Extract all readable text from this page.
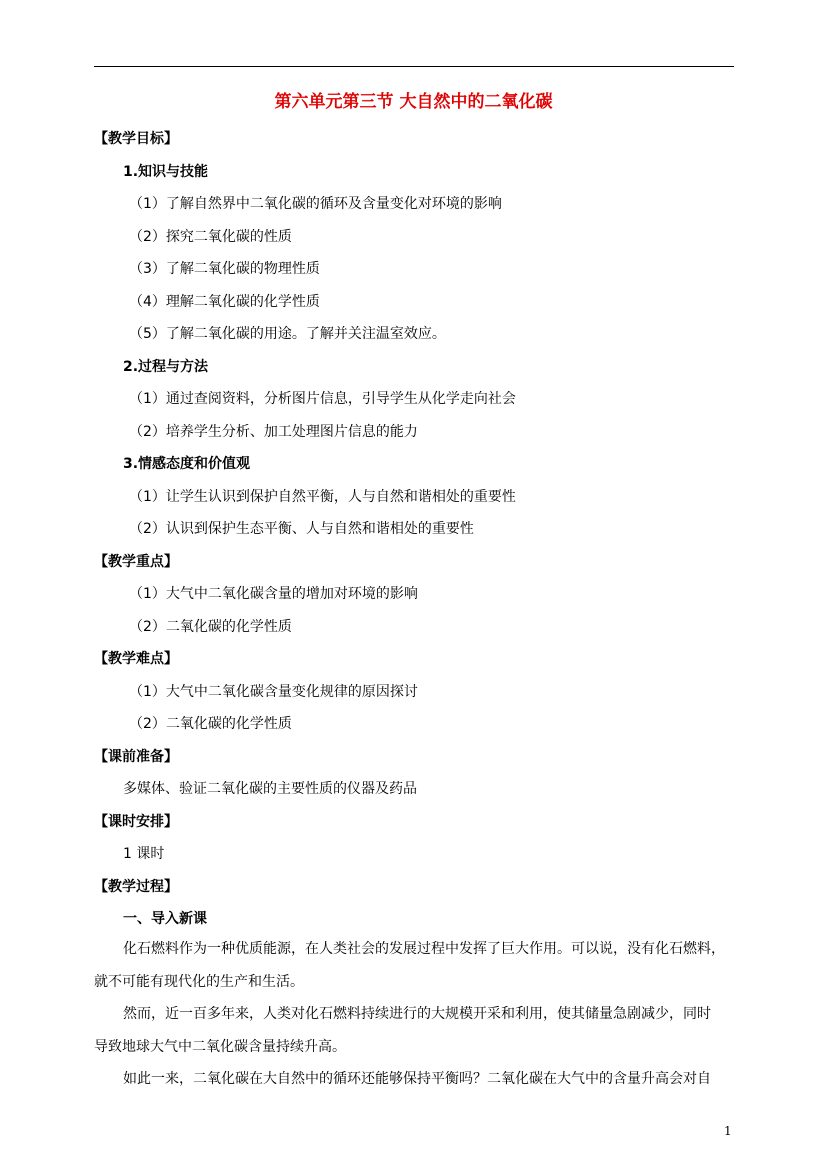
第六单元第三节 大自然中的二氧化碳
【教学目标】
1.知识与技能
（1）了解自然界中二氧化碳的循环及含量变化对环境的影响
（2）探究二氧化碳的性质
（3）了解二氧化碳的物理性质
（4）理解二氧化碳的化学性质
（5）了解二氧化碳的用途。了解并关注温室效应。
2.过程与方法
（1）通过查阅资料，分析图片信息，引导学生从化学走向社会
（2）培养学生分析、加工处理图片信息的能力
3.情感态度和价值观
（1）让学生认识到保护自然平衡，人与自然和谐相处的重要性
（2）认识到保护生态平衡、人与自然和谐相处的重要性
【教学重点】
（1）大气中二氧化碳含量的增加对环境的影响
（2）二氧化碳的化学性质
【教学难点】
（1）大气中二氧化碳含量变化规律的原因探讨
（2）二氧化碳的化学性质
【课前准备】
多媒体、验证二氧化碳的主要性质的仪器及药品
【课时安排】
1 课时
【教学过程】
一、导入新课
化石燃料作为一种优质能源，在人类社会的发展过程中发挥了巨大作用。可以说，没有化石燃料，
就不可能有现代化的生产和生活。
然而，近一百多年来，人类对化石燃料持续进行的大规模开采和利用，使其储量急剧减少，同时
导致地球大气中二氧化碳含量持续升高。
如此一来，二氧化碳在大自然中的循环还能够保持平衡吗？二氧化碳在大气中的含量升高会对自
1
